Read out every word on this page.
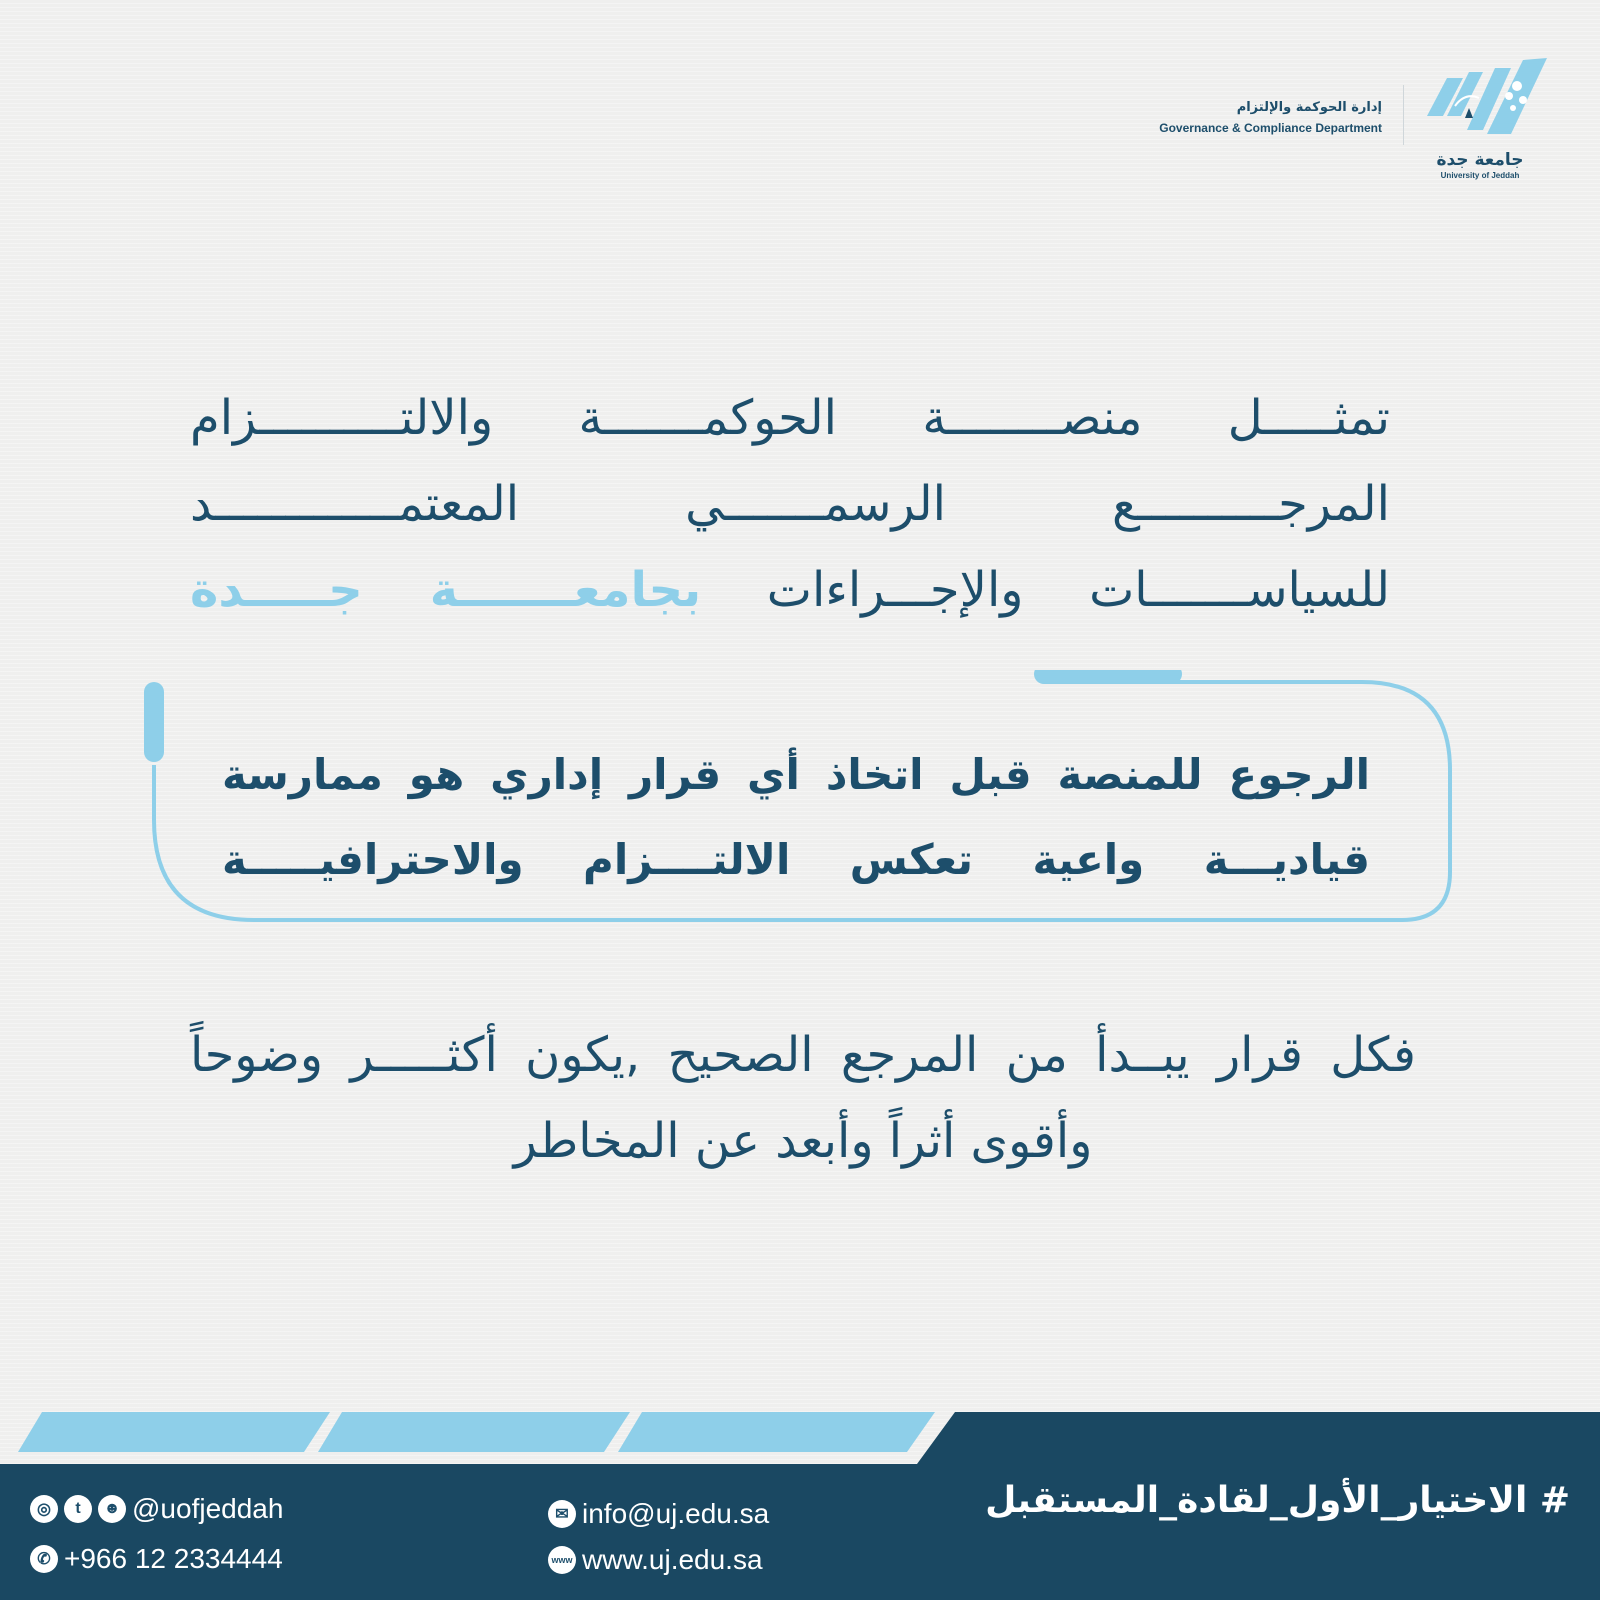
إدارة الحوكمة والإلتزام
Governance & Compliance Department
جامعة جدة
University of Jeddah
تمثـــــل منصــــــــة الحوكمـــــــة والالتــــــــــزام
المرجــــــــــع الرسمـــــــي المعتمـــــــــــــد
للسياســـــــات والإجـــراءات بجامعـــــــة جـــــدة
الرجوع للمنصة قبل اتخاذ أي قرار إداري هو ممارسة
قياديـــة واعية تعكس الالتــــزام والاحترافيـــــة
فكل قرار يبــدأ من المرجع الصحيح ,يكون أكثـــــر وضوحاً
وأقوى أثراً وأبعد عن المخاطر
# الاختيار_الأول_لقادة_المستقبل
◎	t	☻ @uofjeddah
✆ +966 12 2334444
✉ info@uj.edu.sa
www www.uj.edu.sa
